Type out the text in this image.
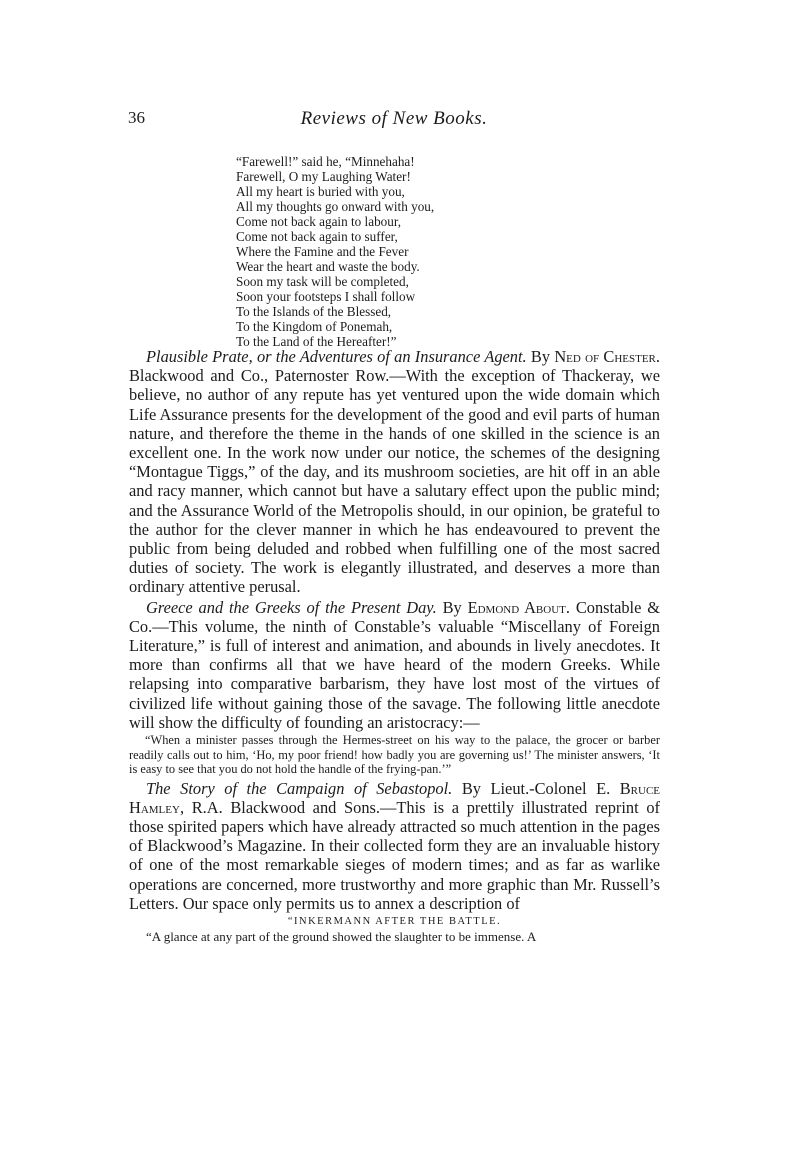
36	Reviews of New Books.
“Farewell!” said he, “Minnehaha!
Farewell, O my Laughing Water!
All my heart is buried with you,
All my thoughts go onward with you,
Come not back again to labour,
Come not back again to suffer,
Where the Famine and the Fever
Wear the heart and waste the body.
Soon my task will be completed,
Soon your footsteps I shall follow
To the Islands of the Blessed,
To the Kingdom of Ponemah,
To the Land of the Hereafter!”

Plausible Prate, or the Adventures of an Insurance Agent. By Ned of Chester. Blackwood and Co., Paternoster Row.—With the exception of Thackeray, we believe, no author of any repute has yet ventured upon the wide domain which Life Assurance presents for the development of the good and evil parts of human nature, and therefore the theme in the hands of one skilled in the science is an excellent one. In the work now under our notice, the schemes of the designing “Montague Tiggs,” of the day, and its mushroom societies, are hit off in an able and racy manner, which cannot but have a salutary effect upon the public mind; and the Assurance World of the Metropolis should, in our opinion, be grateful to the author for the clever manner in which he has endeavoured to prevent the public from being deluded and robbed when fulfilling one of the most sacred duties of society. The work is elegantly illustrated, and deserves a more than ordinary attentive perusal.

Greece and the Greeks of the Present Day. By Edmond About. Constable & Co.—This volume, the ninth of Constable’s valuable “Miscellany of Foreign Literature,” is full of interest and animation, and abounds in lively anecdotes. It more than confirms all that we have heard of the modern Greeks. While relapsing into comparative barbarism, they have lost most of the virtues of civilized life without gaining those of the savage. The following little anecdote will show the difficulty of founding an aristocracy:—

“When a minister passes through the Hermes-street on his way to the palace, the grocer or barber readily calls out to him, ‘Ho, my poor friend! how badly you are governing us!’ The minister answers, ‘It is easy to see that you do not hold the handle of the frying-pan.’”

The Story of the Campaign of Sebastopol. By Lieut.-Colonel E. Bruce Hamley, R.A. Blackwood and Sons.—This is a prettily illustrated reprint of those spirited papers which have already attracted so much attention in the pages of Blackwood’s Magazine. In their collected form they are an invaluable history of one of the most remarkable sieges of modern times; and as far as warlike operations are concerned, more trustworthy and more graphic than Mr. Russell’s Letters. Our space only permits us to annex a description of

“INKERMANN AFTER THE BATTLE.

“A glance at any part of the ground showed the slaughter to be immense. A
